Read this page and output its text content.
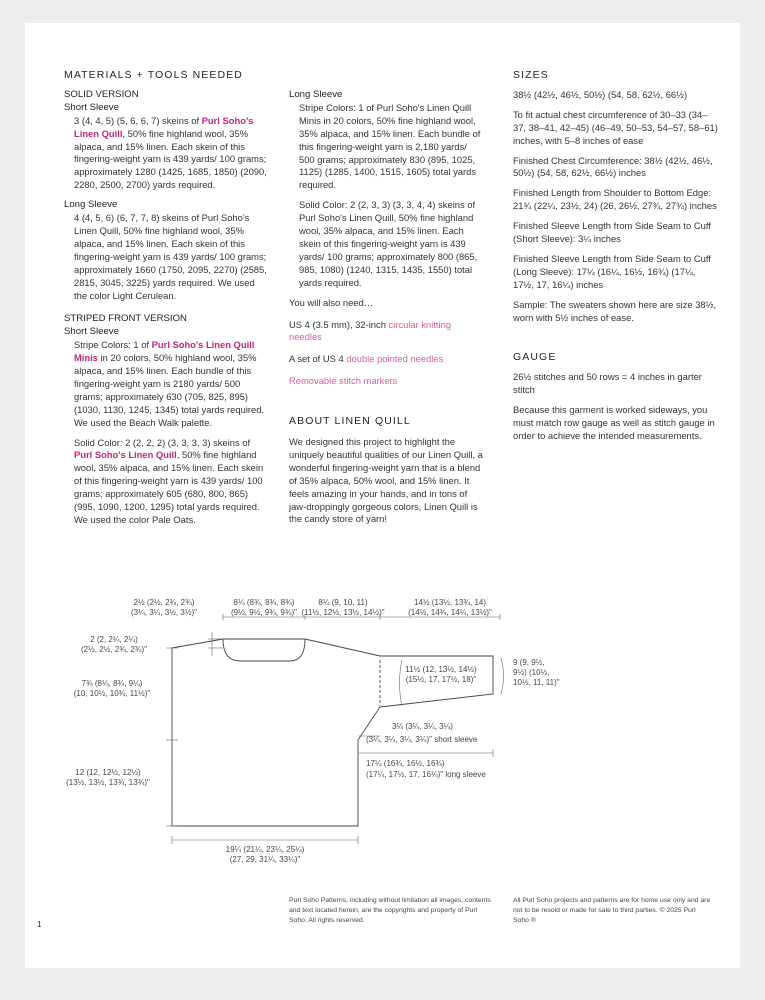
MATERIALS + TOOLS NEEDED

SOLID VERSION
Short Sleeve

3 (4, 4, 5) (5, 6, 6, 7) skeins of Purl Soho's Linen Quill, 50% fine highland wool, 35% alpaca, and 15% linen. Each skein of this fingering-weight yarn is 439 yards/ 100 grams; approximately 1280 (1425, 1685, 1850) (2090, 2280, 2500, 2700) yards required.

Long Sleeve

4 (4, 5, 6) (6, 7, 7, 8) skeins of Purl Soho's Linen Quill, 50% fine highland wool, 35% alpaca, and 15% linen. Each skein of this fingering-weight yarn is 439 yards/ 100 grams; approximately 1660 (1750, 2095, 2270) (2585, 2815, 3045, 3225) yards required. We used the color Light Cerulean.

STRIPED FRONT VERSION
Short Sleeve

Stripe Colors: 1 of Purl Soho's Linen Quill Minis in 20 colors, 50% highland wool, 35% alpaca, and 15% linen. Each bundle of this fingering-weight yarn is 2180 yards/ 500 grams; approximately 630 (705, 825, 895) (1030, 1130, 1245, 1345) total yards required. We used the Beach Walk palette.

Solid Color: 2 (2, 2, 2) (3, 3, 3, 3) skeins of Purl Soho's Linen Quill, 50% fine highland wool, 35% alpaca, and 15% linen. Each skein of this fingering-weight yarn is 439 yards/ 100 grams; approximately 605 (680, 800, 865) (995, 1090, 1200, 1295) total yards required. We used the color Pale Oats.

Long Sleeve

Stripe Colors: 1 of Purl Soho's Linen Quill Minis in 20 colors, 50% fine highland wool, 35% alpaca, and 15% linen. Each bundle of this fingering-weight yarn is 2,180 yards/ 500 grams; approximately 830 (895, 1025, 1125) (1285, 1400, 1515, 1605) total yards required.

Solid Color: 2 (2, 3, 3) (3, 3, 4, 4) skeins of Purl Soho's Linen Quill, 50% fine highland wool, 35% alpaca, and 15% linen. Each skein of this fingering-weight yarn is 439 yards/ 100 grams; approximately 800 (865, 985, 1080) (1240, 1315, 1435, 1550) total yards required.

You will also need…

US 4 (3.5 mm), 32-inch circular knitting needles

A set of US 4 double pointed needles

Removable stitch markers

ABOUT LINEN QUILL

We designed this project to highlight the uniquely beautiful qualities of our Linen Quill, a wonderful fingering-weight yarn that is a blend of 35% alpaca, 50% wool, and 15% linen. It feels amazing in your hands, and in tons of jaw-droppingly gorgeous colors, Linen Quill is the candy store of yarn!

SIZES

38½ (42½, 46½, 50½) (54, 58, 62½, 66½)

To fit actual chest circumference of 30–33 (34–37, 38–41, 42–45) (46–49, 50–53, 54–57, 58–61) inches, with 5–8 inches of ease

Finished Chest Circumference: 38½ (42½, 46½, 50½) (54, 58, 62½, 66½) inches

Finished Length from Shoulder to Bottom Edge: 21¾ (22¼, 23½, 24) (26, 26½, 27¾, 27¾) inches

Finished Sleeve Length from Side Seam to Cuff (Short Sleeve): 3¼ inches

Finished Sleeve Length from Side Seam to Cuff (Long Sleeve): 17¼ (16¼, 16½, 16¾) (17¼, 17½, 17, 16¼) inches

Sample: The sweaters shown here are size 38½, worn with 5½ inches of ease.

GAUGE

26½ stitches and 50 rows = 4 inches in garter stitch

Because this garment is worked sideways, you must match row gauge as well as stitch gauge in order to achieve the intended measurements.

2½ (2½, 2¾, 2¾)
(3¼, 3¼, 3½, 3½)"
8¼ (8¾, 8¾, 8¾)
(9½, 9½, 9¾, 9¾)"
8¼ (9, 10, 11)
(11½, 12½, 13½, 14½)"
14½ (13½, 13¾, 14)
(14½, 14¾, 14¼, 13½)"
2 (2, 2¼, 2¼)
(2½, 2½, 2¾, 2¾)"
7¾ (8¼, 8¾, 9¼)
(10, 10½, 10¾, 11½)"
12 (12, 12½, 12½)
(13½, 13½, 13¾, 13¾)"
11½ (12, 13½, 14½)
(15½, 17, 17½, 18)"
9 (9, 9½,
9½) (10½,
10½, 11, 11)"
3¼ (3¼, 3¼, 3¼)
(3¼, 3¼, 3¼, 3¼)" short sleeve
17¼ (16¾, 16½, 16¾)
(17¼, 17½, 17, 16¼)" long sleeve
19¼ (21¼, 23¼, 25¼)
(27, 29, 31¼, 33¼)"
Purl Soho Patterns, including without limitation all images, contents and text located herein, are the copyrights and property of Purl Soho. All rights reserved.
All Purl Soho projects and patterns are for home use only and are not to be resold or made for sale to third parties. © 2025 Purl Soho ®
1
